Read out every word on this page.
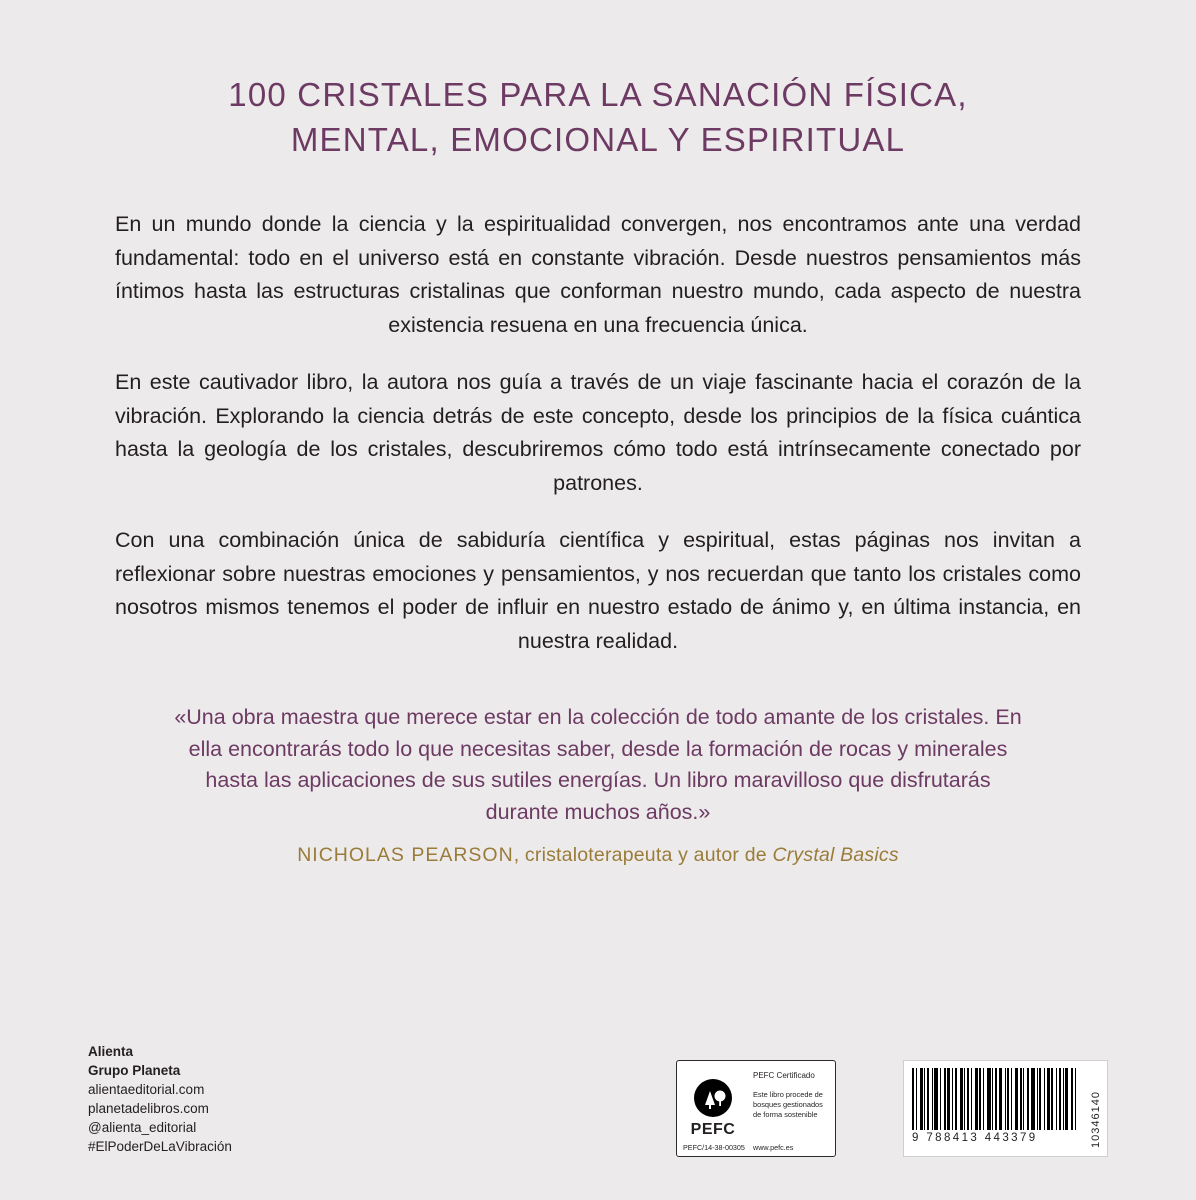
100 CRISTALES PARA LA SANACIÓN FÍSICA,
MENTAL, EMOCIONAL Y ESPIRITUAL

En un mundo donde la ciencia y la espiritualidad convergen, nos encontramos ante una verdad fundamental: todo en el universo está en constante vibración. Desde nuestros pensamientos más íntimos hasta las estructuras cristalinas que conforman nuestro mundo, cada aspecto de nuestra existencia resuena en una frecuencia única.

En este cautivador libro, la autora nos guía a través de un viaje fascinante hacia el corazón de la vibración. Explorando la ciencia detrás de este concepto, desde los principios de la física cuántica hasta la geología de los cristales, descubriremos cómo todo está intrínsecamente conectado por patrones.

Con una combinación única de sabiduría científica y espiritual, estas páginas nos invitan a reflexionar sobre nuestras emociones y pensamientos, y nos recuerdan que tanto los cristales como nosotros mismos tenemos el poder de influir en nuestro estado de ánimo y, en última instancia, en nuestra realidad.

«Una obra maestra que merece estar en la colección de todo amante de los cristales. En ella encontrarás todo lo que necesitas saber, desde la formación de rocas y minerales hasta las aplicaciones de sus sutiles energías. Un libro maravilloso que disfrutarás durante muchos años.»

NICHOLAS PEARSON, cristaloterapeuta y autor de Crystal Basics
Alienta
Grupo Planeta
alientaeditorial.com
planetadelibros.com
@alienta_editorial
#ElPoderDeLaVibración
PEFC
PEFC/14-38-00305
PEFC Certificado
Este libro procede de bosques gestionados de forma sostenible
www.pefc.es
9 788413 443379	10346140
